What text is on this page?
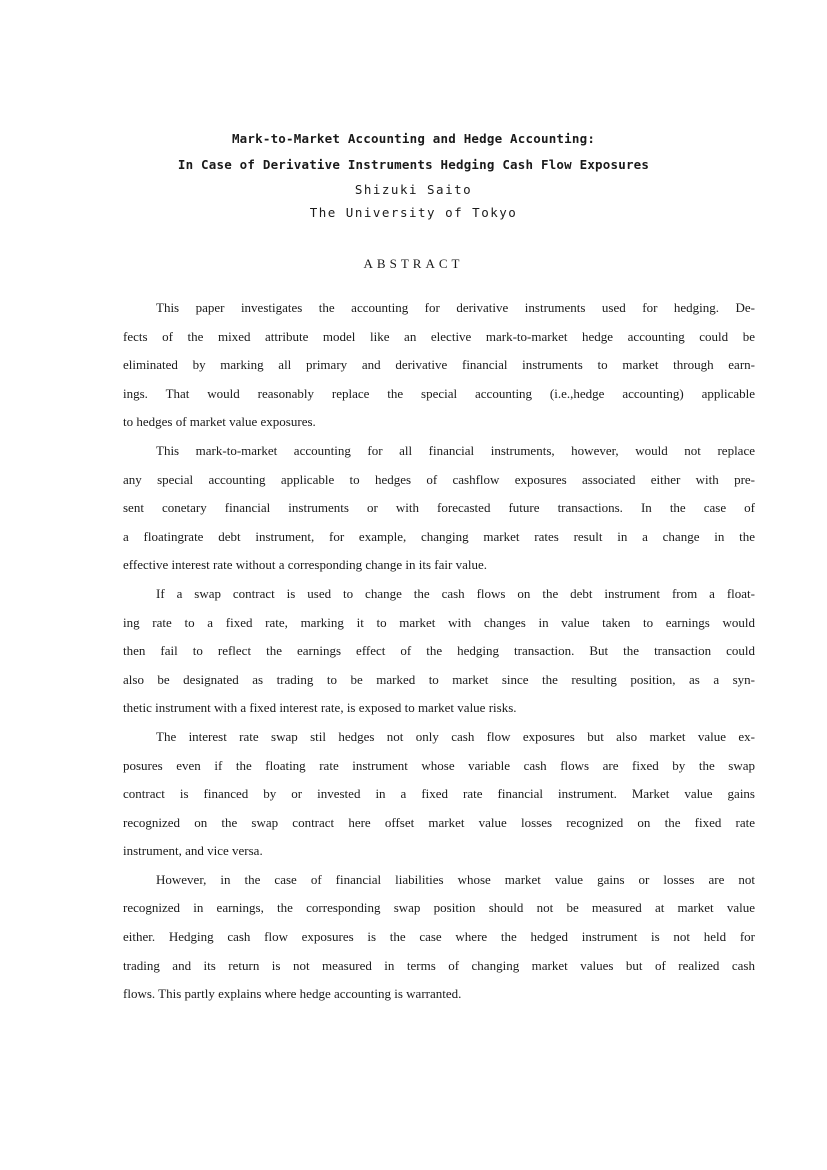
Mark-to-Market Accounting and Hedge Accounting:
In Case of Derivative Instruments Hedging Cash Flow Exposures
Shizuki Saito
The University of Tokyo
ABSTRACT
This paper investigates the accounting for derivative instruments used for hedging. De-
fects of the mixed attribute model like an elective mark-to-market hedge accounting could be
eliminated by marking all primary and derivative financial instruments to market through earn-
ings. That would reasonably replace the special accounting (i.e.,hedge accounting) applicable
to hedges of market value exposures.
This mark-to-market accounting for all financial instruments, however, would not replace
any special accounting applicable to hedges of cashflow exposures associated either with pre-
sent conetary financial instruments or with forecasted future transactions. In the case of
a floatingrate debt instrument, for example, changing market rates result in a change in the
effective interest rate without a corresponding change in its fair value.
If a swap contract is used to change the cash flows on the debt instrument from a float-
ing rate to a fixed rate, marking it to market with changes in value taken to earnings would
then fail to reflect the earnings effect of the hedging transaction. But the transaction could
also be designated as trading to be marked to market since the resulting position, as a syn-
thetic instrument with a fixed interest rate, is exposed to market value risks.
The interest rate swap stil hedges not only cash flow exposures but also market value ex-
posures even if the floating rate instrument whose variable cash flows are fixed by the swap
contract is financed by or invested in a fixed rate financial instrument. Market value gains
recognized on the swap contract here offset market value losses recognized on the fixed rate
instrument, and vice versa.
However, in the case of financial liabilities whose market value gains or losses are not
recognized in earnings, the corresponding swap position should not be measured at market value
either. Hedging cash flow exposures is the case where the hedged instrument is not held for
trading and its return is not measured in terms of changing market values but of realized cash
flows. This partly explains where hedge accounting is warranted.
